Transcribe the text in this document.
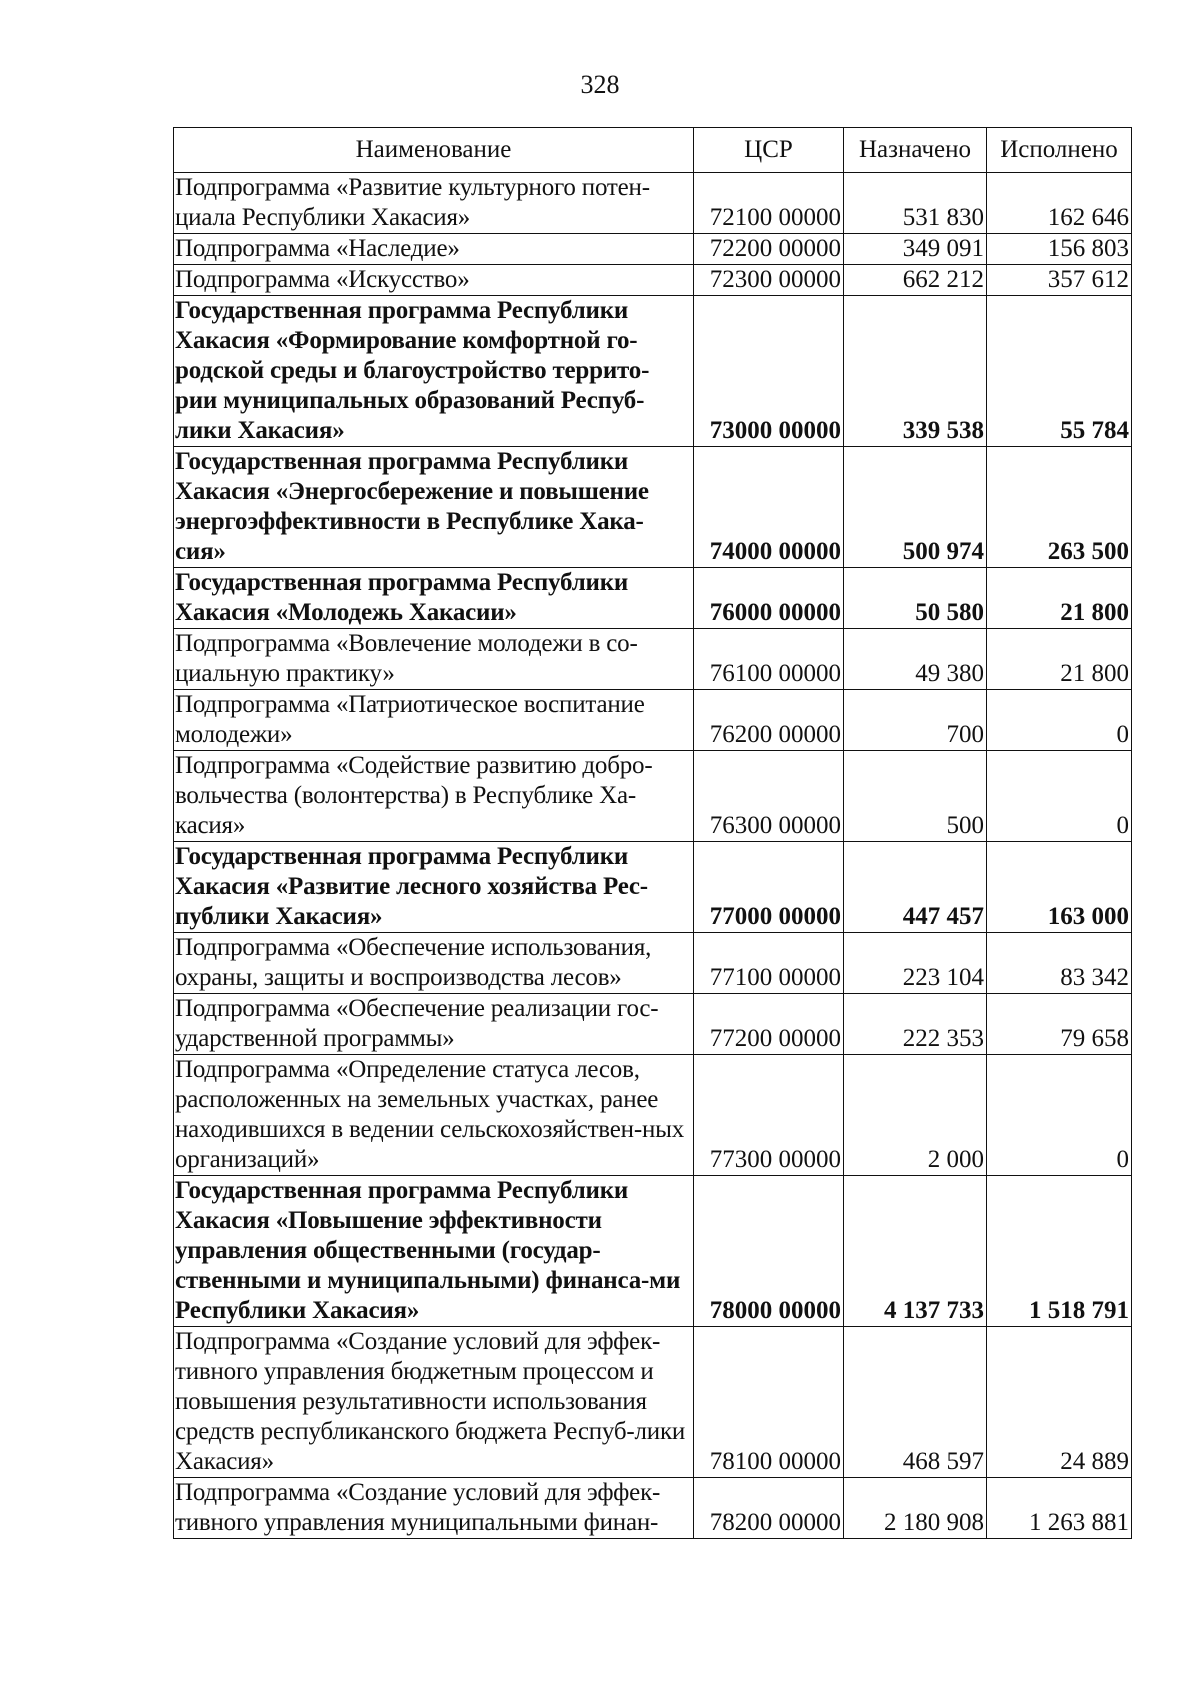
328
Наименование	ЦСР	Назначено	Исполнено
Подпрограмма «Развитие культурного потен-циала Республики Хакасия»	72100 00000	531 830	162 646
Подпрограмма «Наследие»	72200 00000	349 091	156 803
Подпрограмма «Искусство»	72300 00000	662 212	357 612
Государственная программа Республики Хакасия «Формирование комфортной го-родской среды и благоустройство террито-рии муниципальных образований Респуб-лики Хакасия»	73000 00000	339 538	55 784
Государственная программа Республики Хакасия «Энергосбережение и повышение энергоэффективности в Республике Хака-сия»	74000 00000	500 974	263 500
Государственная программа Республики Хакасия «Молодежь Хакасии»	76000 00000	50 580	21 800
Подпрограмма «Вовлечение молодежи в со-циальную практику»	76100 00000	49 380	21 800
Подпрограмма «Патриотическое воспитание молодежи»	76200 00000	700	0
Подпрограмма «Содействие развитию добро-вольчества (волонтерства) в Республике Ха-касия»	76300 00000	500	0
Государственная программа Республики Хакасия «Развитие лесного хозяйства Рес-публики Хакасия»	77000 00000	447 457	163 000
Подпрограмма «Обеспечение использования, охраны, защиты и воспроизводства лесов»	77100 00000	223 104	83 342
Подпрограмма «Обеспечение реализации гос-ударственной программы»	77200 00000	222 353	79 658
Подпрограмма «Определение статуса лесов, расположенных на земельных участках, ранее находившихся в ведении сельскохозяйствен-ных организаций»	77300 00000	2 000	0
Государственная программа Республики Хакасия «Повышение эффективности управления общественными (государ-ственными и муниципальными) финанса-ми Республики Хакасия»	78000 00000	4 137 733	1 518 791
Подпрограмма «Создание условий для эффек-тивного управления бюджетным процессом и повышения результативности использования средств республиканского бюджета Респуб-лики Хакасия»	78100 00000	468 597	24 889
Подпрограмма «Создание условий для эффек-тивного управления муниципальными финан-	78200 00000	2 180 908	1 263 881
